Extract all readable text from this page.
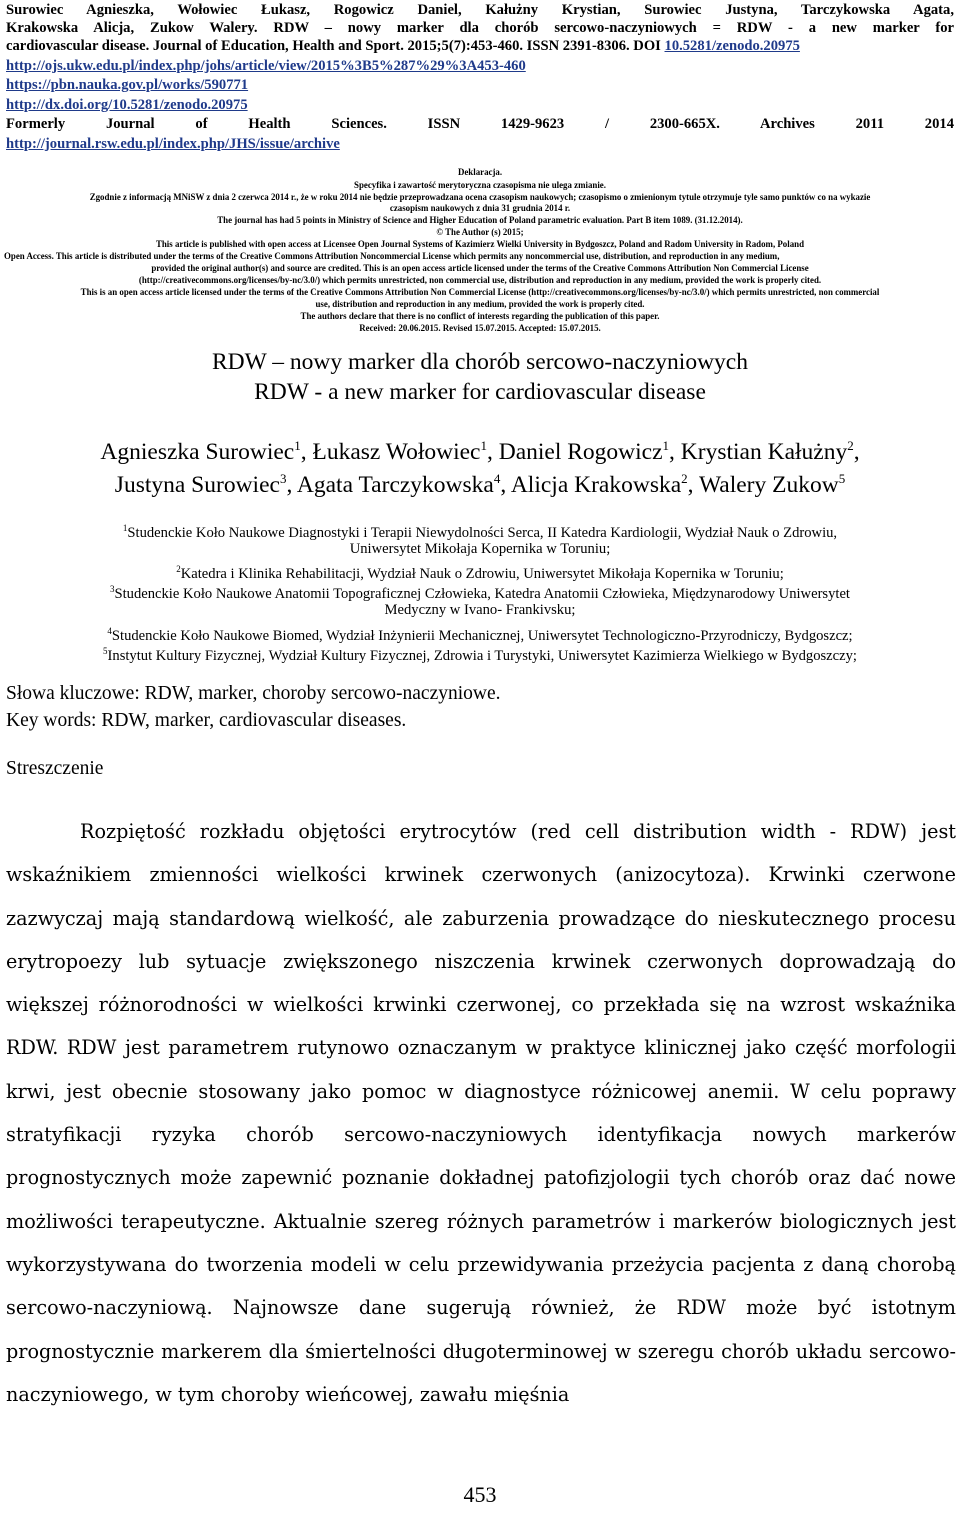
Surowiec Agnieszka, Wołowiec Łukasz, Rogowicz Daniel, Kałużny Krystian, Surowiec Justyna, Tarczykowska Agata,
Krakowska Alicja, Zukow Walery. RDW – nowy marker dla chorób sercowo-naczyniowych = RDW - a new marker for
cardiovascular disease. Journal of Education, Health and Sport. 2015;5(7):453-460. ISSN 2391-8306. DOI 10.5281/zenodo.20975
http://ojs.ukw.edu.pl/index.php/johs/article/view/2015%3B5%287%29%3A453-460
https://pbn.nauka.gov.pl/works/590771
http://dx.doi.org/10.5281/zenodo.20975
Formerly Journal of Health Sciences. ISSN 1429-9623 / 2300-665X. Archives 2011 2014
http://journal.rsw.edu.pl/index.php/JHS/issue/archive
Deklaracja.
Specyfika i zawartość merytoryczna czasopisma nie ulega zmianie.
Zgodnie z informacją MNiSW z dnia 2 czerwca 2014 r., że w roku 2014 nie będzie przeprowadzana ocena czasopism naukowych; czasopismo o zmienionym tytule otrzymuje tyle samo punktów co na wykazie
czasopism naukowych z dnia 31 grudnia 2014 r.
The journal has had 5 points in Ministry of Science and Higher Education of Poland parametric evaluation. Part B item 1089. (31.12.2014).
© The Author (s) 2015;
This article is published with open access at Licensee Open Journal Systems of Kazimierz Wielki University in Bydgoszcz, Poland and Radom University in Radom, Poland
Open Access. This article is distributed under the terms of the Creative Commons Attribution Noncommercial License which permits any noncommercial use, distribution, and reproduction in any medium,
provided the original author(s) and source are credited. This is an open access article licensed under the terms of the Creative Commons Attribution Non Commercial License
(http://creativecommons.org/licenses/by-nc/3.0/) which permits unrestricted, non commercial use, distribution and reproduction in any medium, provided the work is properly cited.
This is an open access article licensed under the terms of the Creative Commons Attribution Non Commercial License (http://creativecommons.org/licenses/by-nc/3.0/) which permits unrestricted, non commercial
use, distribution and reproduction in any medium, provided the work is properly cited.
The authors declare that there is no conflict of interests regarding the publication of this paper.
Received: 20.06.2015. Revised 15.07.2015. Accepted: 15.07.2015.
RDW – nowy marker dla chorób sercowo-naczyniowych
RDW - a new marker for cardiovascular disease
Agnieszka Surowiec$^1$, Łukasz Wołowiec$^1$, Daniel Rogowicz$^1$, Krystian Kałużny$^2$,
Justyna Surowiec$^3$, Agata Tarczykowska$^4$, Alicja Krakowska$^2$, Walery Zukow$^5$
$^1$Studenckie Koło Naukowe Diagnostyki i Terapii Niewydolności Serca, II Katedra Kardiologii, Wydział Nauk o Zdrowiu,
Uniwersytet Mikołaja Kopernika w Toruniu;
$^2$Katedra i Klinika Rehabilitacji, Wydział Nauk o Zdrowiu, Uniwersytet Mikołaja Kopernika w Toruniu;
$^3$Studenckie Koło Naukowe Anatomii Topograficznej Człowieka, Katedra Anatomii Człowieka, Międzynarodowy Uniwersytet
Medyczny w Ivano- Frankivsku;
$^4$Studenckie Koło Naukowe Biomed, Wydział Inżynierii Mechanicznej, Uniwersytet Technologiczno-Przyrodniczy, Bydgoszcz;
$^5$Instytut Kultury Fizycznej, Wydział Kultury Fizycznej, Zdrowia i Turystyki, Uniwersytet Kazimierza Wielkiego w Bydgoszczy;
Słowa kluczowe: RDW, marker, choroby sercowo-naczyniowe.
Key words: RDW, marker, cardiovascular diseases.
Streszczenie

Rozpiętość rozkładu objętości erytrocytów (red cell distribution width - RDW) jest wskaźnikiem zmienności wielkości krwinek czerwonych (anizocytoza). Krwinki czerwone zazwyczaj mają standardową wielkość, ale zaburzenia prowadzące do nieskutecznego procesu erytropoezy lub sytuacje zwiększonego niszczenia krwinek czerwonych doprowadzają do większej różnorodności w wielkości krwinki czerwonej, co przekłada się na wzrost wskaźnika RDW. RDW jest parametrem rutynowo oznaczanym w praktyce klinicznej jako część morfologii krwi, jest obecnie stosowany jako pomoc w diagnostyce różnicowej anemii. W celu poprawy stratyfikacji ryzyka chorób sercowo-naczyniowych identyfikacja nowych markerów prognostycznych może zapewnić poznanie dokładnej patofizjologii tych chorób oraz dać nowe możliwości terapeutyczne. Aktualnie szereg różnych parametrów i markerów biologicznych jest wykorzystywana do tworzenia modeli w celu przewidywania przeżycia pacjenta z daną chorobą sercowo-naczyniową. Najnowsze dane sugerują również, że RDW może być istotnym prognostycznie markerem dla śmiertelności długoterminowej w szeregu chorób układu sercowo-naczyniowego, w tym choroby wieńcowej, zawału mięśnia

453
